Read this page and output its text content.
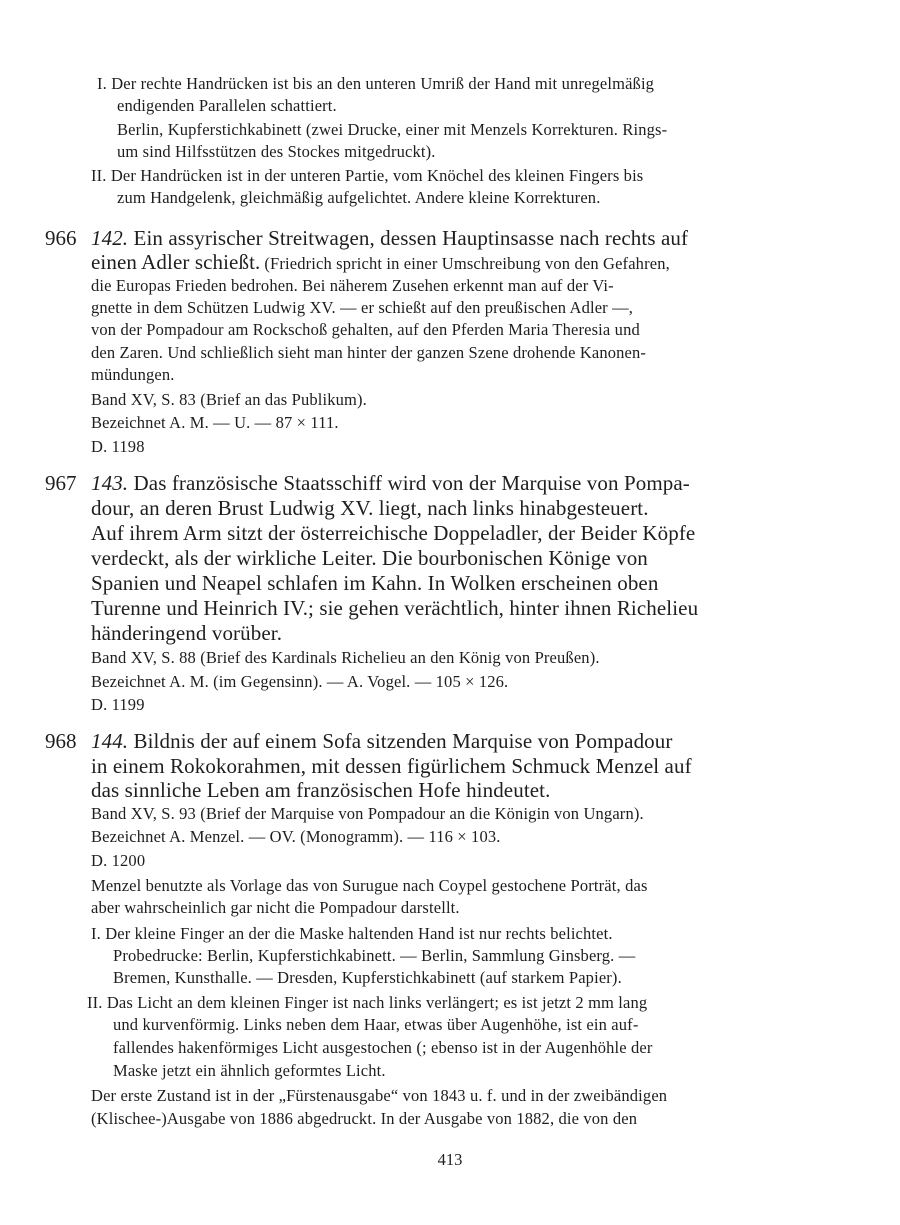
I. Der rechte Handrücken ist bis an den unteren Umriß der Hand mit unregelmäßig
endigenden Parallelen schattiert.
Berlin, Kupferstichkabinett (zwei Drucke, einer mit Menzels Korrekturen. Rings-
um sind Hilfsstützen des Stockes mitgedruckt).
II. Der Handrücken ist in der unteren Partie, vom Knöchel des kleinen Fingers bis
zum Handgelenk, gleichmäßig aufgelichtet. Andere kleine Korrekturen.
966 142. Ein assyrischer Streitwagen, dessen Hauptinsasse nach rechts auf
einen Adler schießt. (Friedrich spricht in einer Umschreibung von den Gefahren,
die Europas Frieden bedrohen. Bei näherem Zusehen erkennt man auf der Vi-
gnette in dem Schützen Ludwig XV. — er schießt auf den preußischen Adler —,
von der Pompadour am Rockschoß gehalten, auf den Pferden Maria Theresia und
den Zaren. Und schließlich sieht man hinter der ganzen Szene drohende Kanonen-
mündungen.
Band XV, S. 83 (Brief an das Publikum).
Bezeichnet A. M. — U. — 87 × 111.
D. 1198
967 143. Das französische Staatsschiff wird von der Marquise von Pompa-
dour, an deren Brust Ludwig XV. liegt, nach links hinabgesteuert.
Auf ihrem Arm sitzt der österreichische Doppeladler, der Beider Köpfe
verdeckt, als der wirkliche Leiter. Die bourbonischen Könige von
Spanien und Neapel schlafen im Kahn. In Wolken erscheinen oben
Turenne und Heinrich IV.; sie gehen verächtlich, hinter ihnen Richelieu
händeringend vorüber.
Band XV, S. 88 (Brief des Kardinals Richelieu an den König von Preußen).
Bezeichnet A. M. (im Gegensinn). — A. Vogel. — 105 × 126.
D. 1199
968 144. Bildnis der auf einem Sofa sitzenden Marquise von Pompadour
in einem Rokokorahmen, mit dessen figürlichem Schmuck Menzel auf
das sinnliche Leben am französischen Hofe hindeutet.
Band XV, S. 93 (Brief der Marquise von Pompadour an die Königin von Ungarn).
Bezeichnet A. Menzel. — OV. (Monogramm). — 116 × 103.
D. 1200
Menzel benutzte als Vorlage das von Surugue nach Coypel gestochene Porträt, das
aber wahrscheinlich gar nicht die Pompadour darstellt.
I. Der kleine Finger an der die Maske haltenden Hand ist nur rechts belichtet.
Probedrucke: Berlin, Kupferstichkabinett. — Berlin, Sammlung Ginsberg. —
Bremen, Kunsthalle. — Dresden, Kupferstichkabinett (auf starkem Papier).
II. Das Licht an dem kleinen Finger ist nach links verlängert; es ist jetzt 2 mm lang
und kurvenförmig. Links neben dem Haar, etwas über Augenhöhe, ist ein auf-
fallendes hakenförmiges Licht ausgestochen (; ebenso ist in der Augenhöhle der
Maske jetzt ein ähnlich geformtes Licht.
Der erste Zustand ist in der „Fürstenausgabe“ von 1843 u. f. und in der zweibändigen
(Klischee-)Ausgabe von 1886 abgedruckt. In der Ausgabe von 1882, die von den
413
